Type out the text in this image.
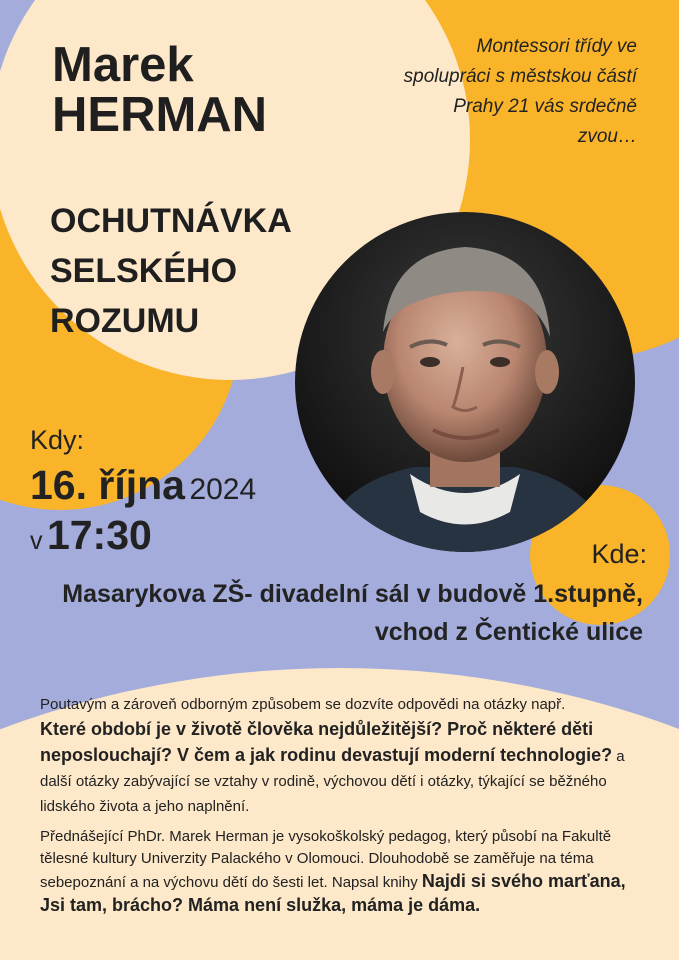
Marek
HERMAN

Montessori třídy ve spolupráci s městskou částí Prahy 21 vás srdečně zvou…

OCHUTNÁVKA
SELSKÉHO
ROZUMU
Kdy:
16. října 2024
v 17:30	Kde:
Masarykova ZŠ- divadelní sál v budově 1.stupně, vchod z Čentické ulice

Poutavým a zároveň odborným způsobem se dozvíte odpovědi na otázky např.
Které období je v životě člověka nejdůležitější? Proč některé děti neposlouchají? V čem a jak rodinu devastují moderní technologie? a další otázky zabývající se vztahy v rodině, výchovou dětí i otázky, týkající se běžného lidského života a jeho naplnění.

Přednášející PhDr. Marek Herman je vysokoškolský pedagog, který působí na Fakultě tělesné kultury Univerzity Palackého v Olomouci. Dlouhodobě se zaměřuje na téma sebepoznání a na výchovu dětí do šesti let. Napsal knihy Najdi si svého marťana, Jsi tam, brácho? Máma není služka, máma je dáma.
